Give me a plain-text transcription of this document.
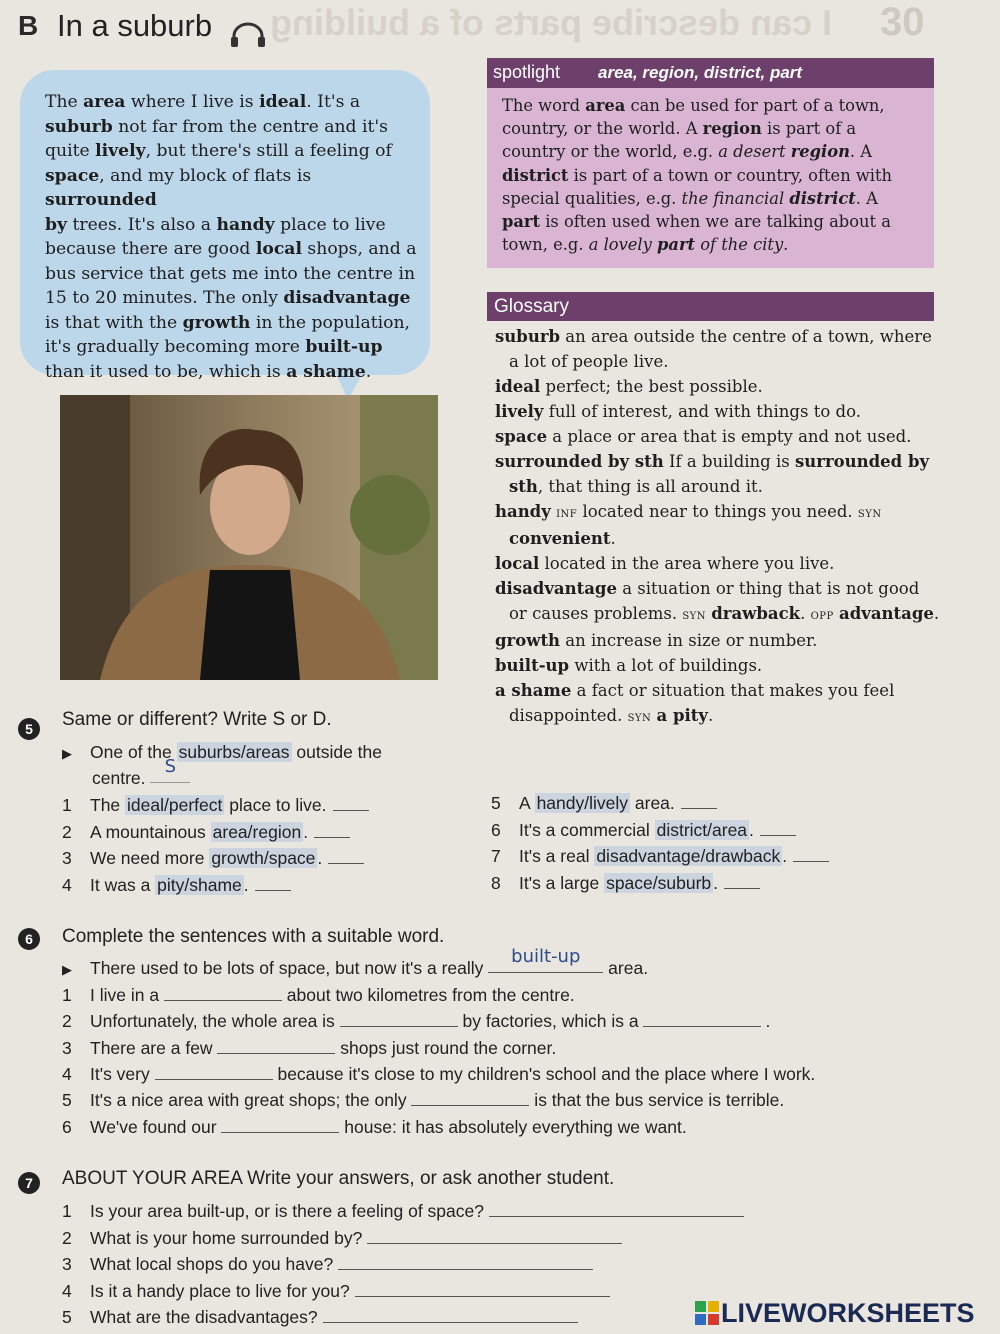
B In a suburb	30
I can describe parts of a building
The area where I live is ideal. It's a
suburb not far from the centre and it's
quite lively, but there's still a feeling of
space, and my block of flats is surrounded
by trees. It's also a handy place to live
because there are good local shops, and a
bus service that gets me into the centre in
15 to 20 minutes. The only disadvantage
is that with the growth in the population,
it's gradually becoming more built-up
than it used to be, which is a shame.
spotlight area, region, district, part
The word area can be used for part of a town,
country, or the world. A region is part of a
country or the world, e.g. a desert region. A
district is part of a town or country, often with
special qualities, e.g. the financial district. A
part is often used when we are talking about a
town, e.g. a lovely part of the city.
Glossary

suburb an area outside the centre of a town, where a lot of people live.

ideal perfect; the best possible.

lively full of interest, and with things to do.

space a place or area that is empty and not used.

surrounded by sth If a building is surrounded by sth, that thing is all around it.

handy inf located near to things you need. syn convenient.

local located in the area where you live.

disadvantage a situation or thing that is not good or causes problems. syn drawback. opp advantage.

growth an increase in size or number.

built-up with a lot of buildings.

a shame a fact or situation that makes you feel disappointed. syn a pity.

5	Same or different? Write S or D.
▶ One of the suburbs/areas outside the
centre. S
1 The ideal/perfect place to live.
2 A mountainous area/region .
3 We need more growth/space .
4 It was a pity/shame .
5 A handy/lively area.
6 It's a commercial district/area .
7 It's a real disadvantage/drawback .
8 It's a large space/suburb .
6	Complete the sentences with a suitable word.
▶ There used to be lots of space, but now it's a really built-up area.
1 I live in a	about two kilometres from the centre.
2 Unfortunately, the whole area is	by factories, which is a	.
3 There are a few	shops just round the corner.
4 It's very	because it's close to my children's school and the place where I work.
5 It's a nice area with great shops; the only	is that the bus service is terrible.
6 We've found our	house: it has absolutely everything we want.
7	ABOUT YOUR AREA Write your answers, or ask another student.
1 Is your area built-up, or is there a feeling of space?
2 What is your home surrounded by?
3 What local shops do you have?
4 Is it a handy place to live for you?
5 What are the disadvantages?	LIVEWORKSHEETS
